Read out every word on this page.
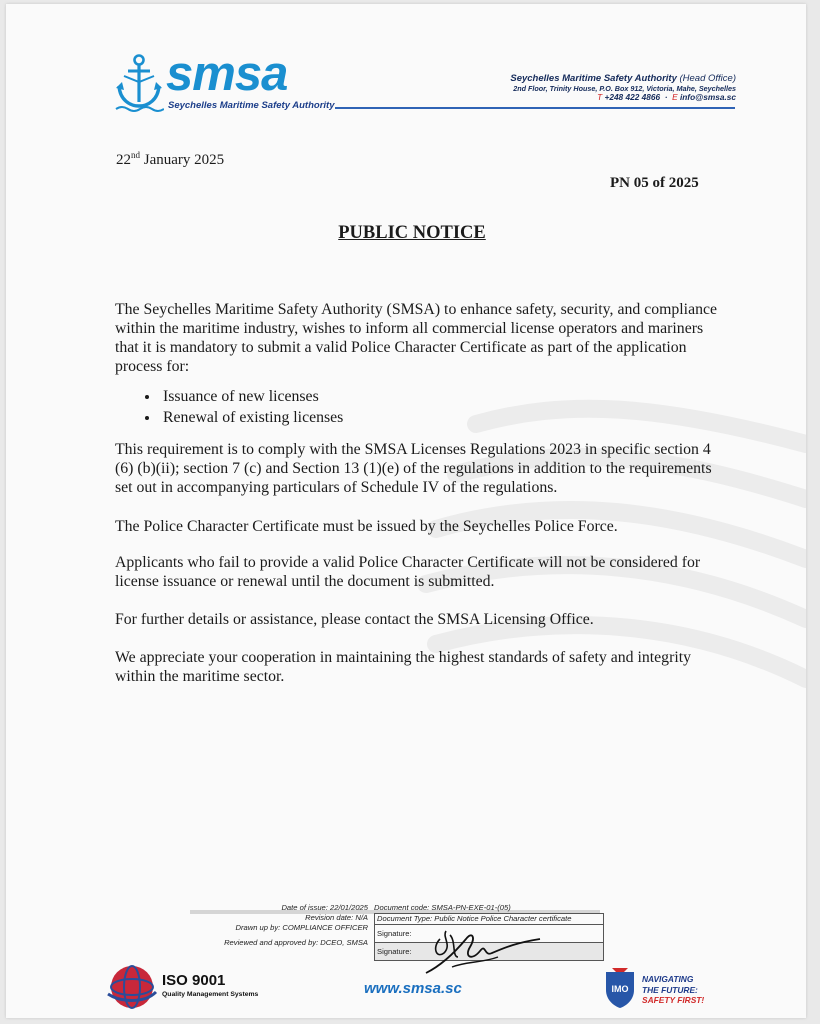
smsa
Seychelles Maritime Safety Authority
Seychelles Maritime Safety Authority (Head Office)
2nd Floor, Trinity House, P.O. Box 912, Victoria, Mahe, Seychelles
T +248 422 4866  ·  E info@smsa.sc
22nd January 2025
PN 05 of 2025
PUBLIC NOTICE

The Seychelles Maritime Safety Authority (SMSA) to enhance safety, security, and compliance within the maritime industry, wishes to inform all commercial license operators and mariners that it is mandatory to submit a valid Police Character Certificate as part of the application process for:

• Issuance of new licenses
• Renewal of existing licenses

This requirement is to comply with the SMSA Licenses Regulations 2023 in specific section 4 (6) (b)(ii); section 7 (c) and Section 13 (1)(e) of the regulations in addition to the requirements set out in accompanying particulars of Schedule IV of the regulations.

The Police Character Certificate must be issued by the Seychelles Police Force.

Applicants who fail to provide a valid Police Character Certificate will not be considered for license issuance or renewal until the document is submitted.

For further details or assistance, please contact the SMSA Licensing Office.

We appreciate your cooperation in maintaining the highest standards of safety and integrity within the maritime sector.

Date of issue: 22/01/2025
Revision date: N/A
Drawn up by: COMPLIANCE OFFICER
Reviewed and approved by: DCEO, SMSA
Document code: SMSA-PN-EXE-01-(05)
Document Type: Public Notice Police Character certificate
Signature:
Signature:
ISO 9001
Quality Management Systems	www.smsa.sc	IMO
NAVIGATING
THE FUTURE:
SAFETY FIRST!
